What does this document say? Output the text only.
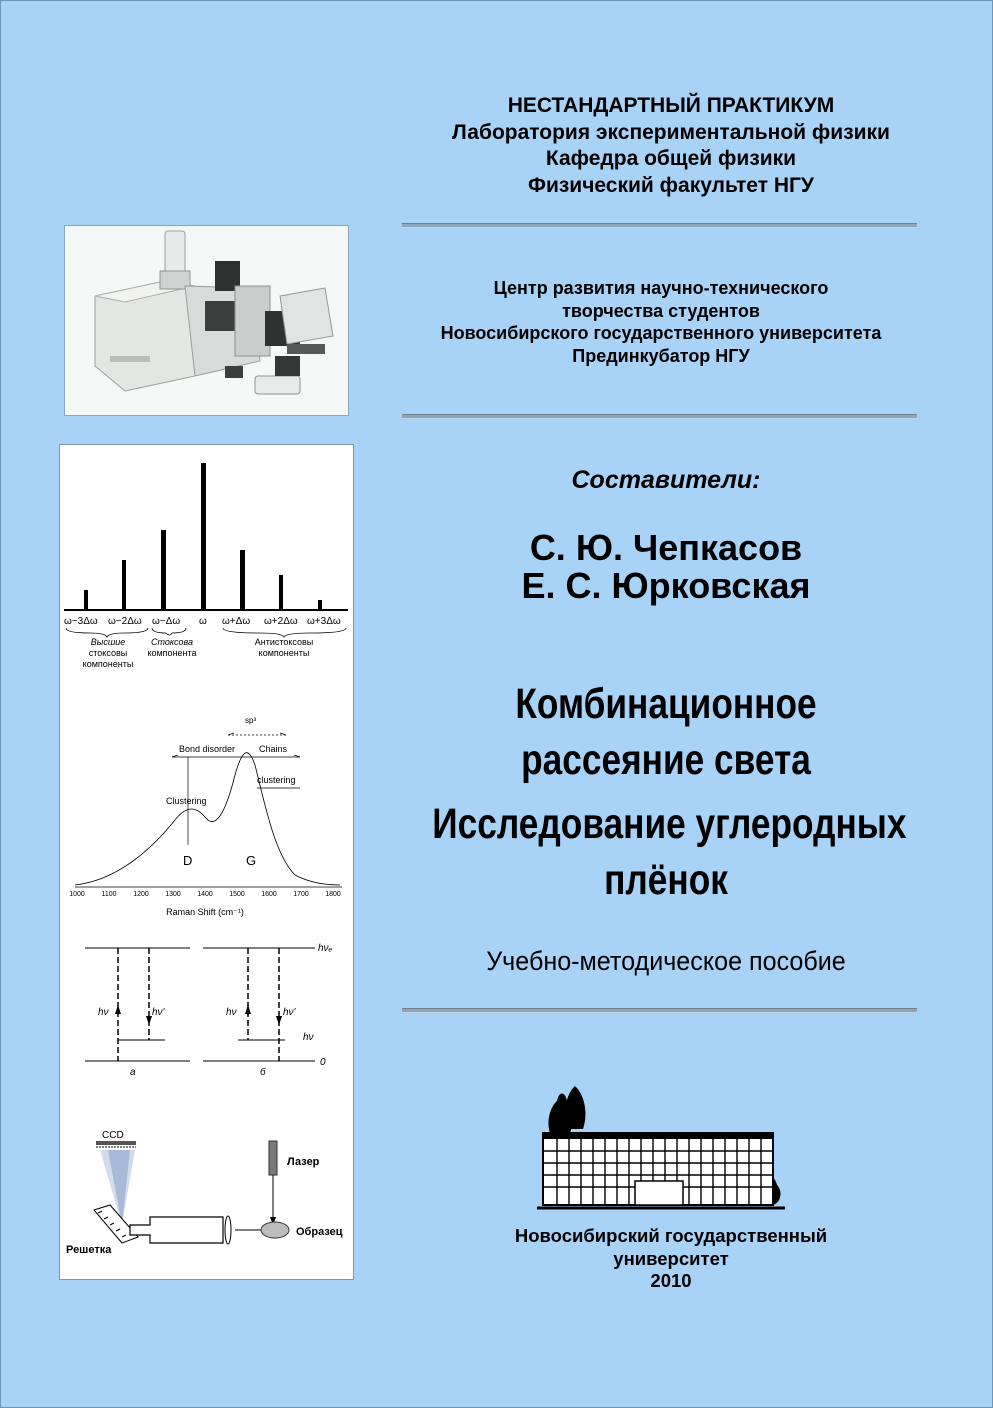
НЕСТАНДАРТНЫЙ ПРАКТИКУМ
Лаборатория экспериментальной физики
Кафедра общей физики
Физический факультет НГУ
Центр развития научно-технического
творчества студентов
Новосибирского государственного университета
Прединкубатор НГУ
Составители:
С. Ю. Чепкасов
Е. С. Юрковская
Комбинационное
рассеяние света
Исследование углеродных
плёнок
Учебно-методическое пособие
ω−3Δω ω−2Δω ω−Δω ω ω+Δω ω+2Δω ω+3Δω
Высшие
стоксовы
компоненты
Стоксова
компонента
Антистоксовы
компоненты
sp³
Bond disorder	Chains
clustering
Clustering
D	G
1000 1100 1200 1300 1400 1500 1600 1700 1800
Raman Shift (cm⁻¹)
hνₑ
0
hν	hν'	hν	hν'
hν
а	б
CCD
Лазер
Образец
Решетка
Новосибирский государственный
университет
2010
